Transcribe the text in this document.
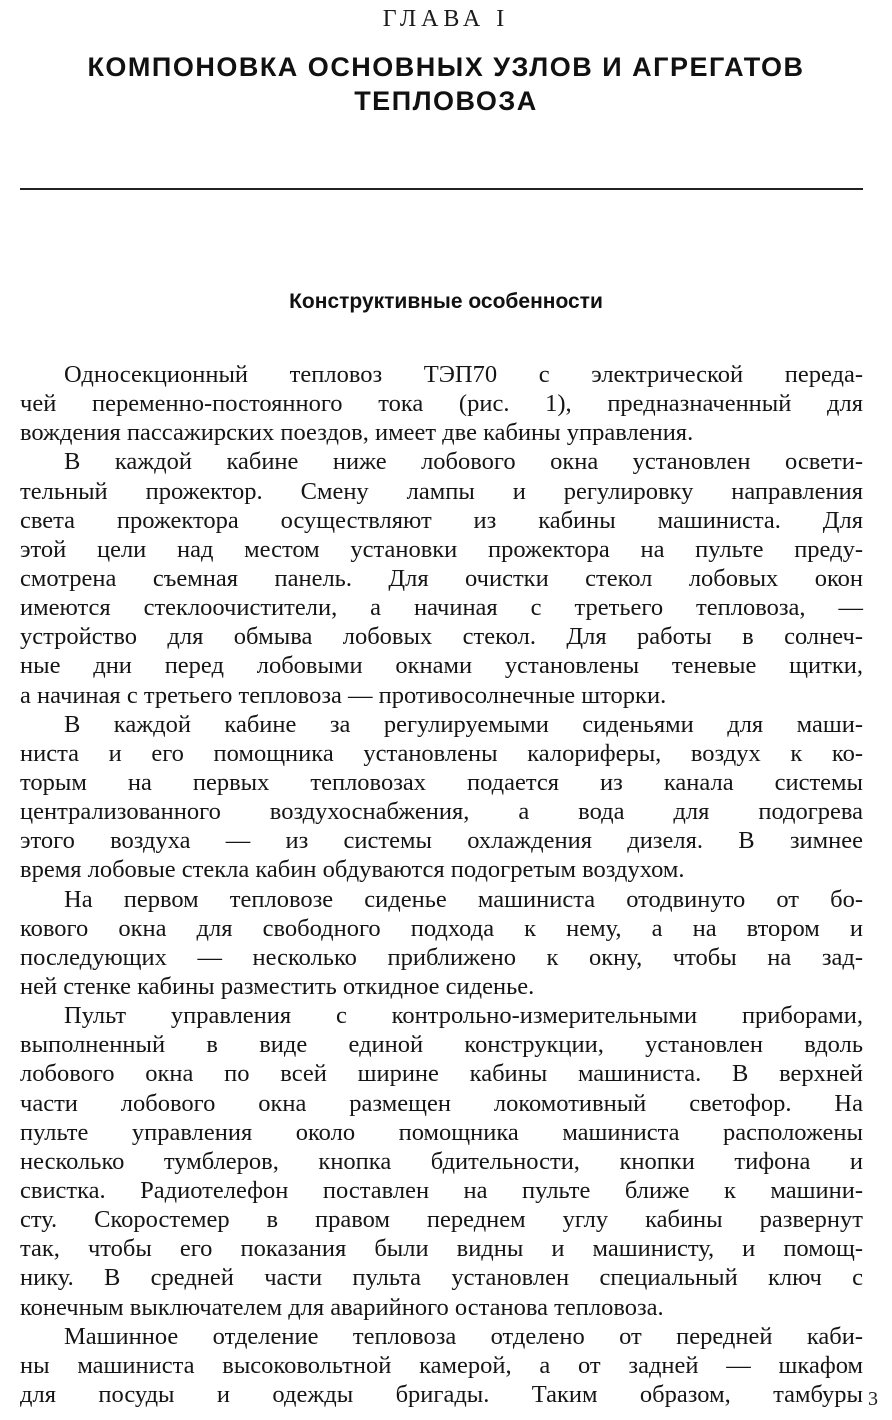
ГЛАВА I
КОМПОНОВКА ОСНОВНЫХ УЗЛОВ И АГРЕГАТОВ
ТЕПЛОВОЗА
Конструктивные особенности
Односекционный тепловоз ТЭП70 с электрической переда-
чей переменно-постоянного тока (рис. 1), предназначенный для
вождения пассажирских поездов, имеет две кабины управления.
В каждой кабине ниже лобового окна установлен освети-
тельный прожектор. Смену лампы и регулировку направления
света прожектора осуществляют из кабины машиниста. Для
этой цели над местом установки прожектора на пульте преду-
смотрена съемная панель. Для очистки стекол лобовых окон
имеются стеклоочистители, а начиная с третьего тепловоза, —
устройство для обмыва лобовых стекол. Для работы в солнеч-
ные дни перед лобовыми окнами установлены теневые щитки,
а начиная с третьего тепловоза — противосолнечные шторки.
В каждой кабине за регулируемыми сиденьями для маши-
ниста и его помощника установлены калориферы, воздух к ко-
торым на первых тепловозах подается из канала системы
централизованного воздухоснабжения, а вода для подогрева
этого воздуха — из системы охлаждения дизеля. В зимнее
время лобовые стекла кабин обдуваются подогретым воздухом.
На первом тепловозе сиденье машиниста отодвинуто от бо-
кового окна для свободного подхода к нему, а на втором и
последующих — несколько приближено к окну, чтобы на зад-
ней стенке кабины разместить откидное сиденье.
Пульт управления с контрольно-измерительными приборами,
выполненный в виде единой конструкции, установлен вдоль
лобового окна по всей ширине кабины машиниста. В верхней
части лобового окна размещен локомотивный светофор. На
пульте управления около помощника машиниста расположены
несколько тумблеров, кнопка бдительности, кнопки тифона и
свистка. Радиотелефон поставлен на пульте ближе к машини-
сту. Скоростемер в правом переднем углу кабины развернут
так, чтобы его показания были видны и машинисту, и помощ-
нику. В средней части пульта установлен специальный ключ с
конечным выключателем для аварийного останова тепловоза.
Машинное отделение тепловоза отделено от передней каби-
ны машиниста высоковольтной камерой, а от задней — шкафом
для посуды и одежды бригады. Таким образом, тамбуры 3
